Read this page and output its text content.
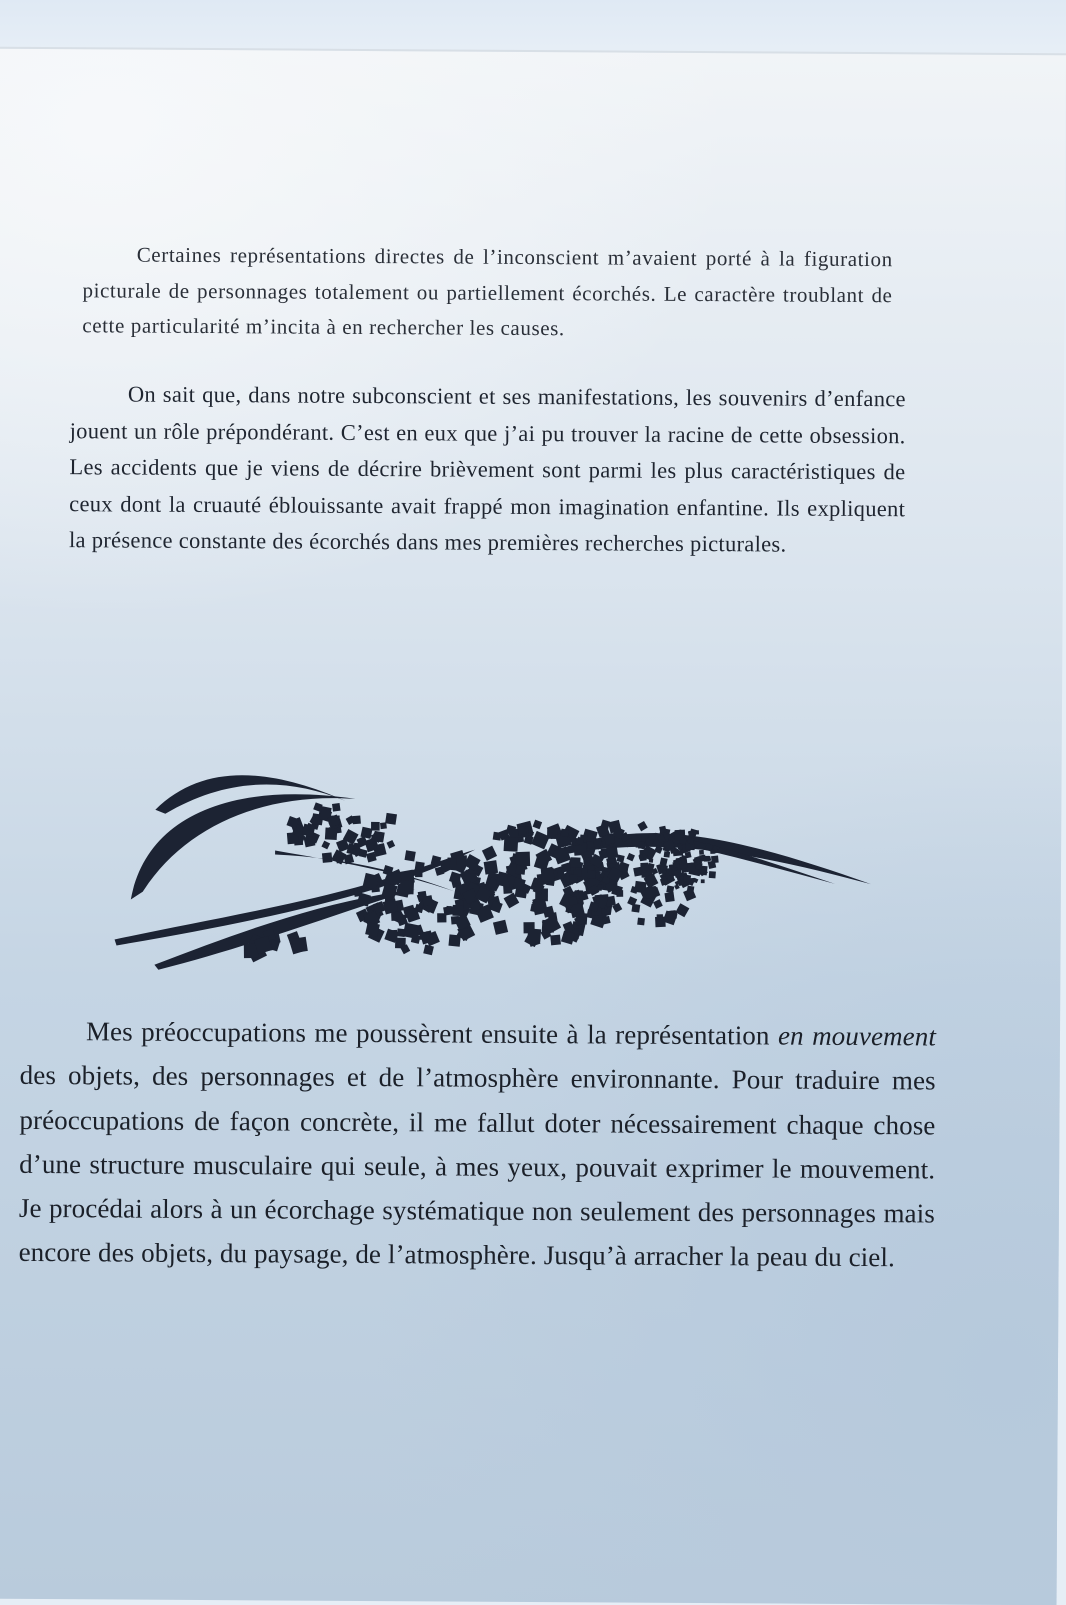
Certaines représentations directes de l’inconscient m’avaient porté à la figuration picturale de personnages totalement ou partiellement écorchés. Le caractère troublant de cette particularité m’incita à en rechercher les causes.

On sait que, dans notre subconscient et ses manifestations, les souvenirs d’enfance jouent un rôle prépondérant. C’est en eux que j’ai pu trouver la racine de cette obsession. Les accidents que je viens de décrire brièvement sont parmi les plus caractéristiques de ceux dont la cruauté éblouissante avait frappé mon imagination enfantine. Ils expliquent la présence constante des écorchés dans mes premières recherches picturales.

Mes préoccupations me poussèrent ensuite à la représentation en mouvement des objets, des personnages et de l’atmosphère environnante. Pour traduire mes préoccupations de façon concrète, il me fallut doter nécessairement chaque chose d’une structure musculaire qui seule, à mes yeux, pouvait exprimer le mouvement. Je procédai alors à un écorchage systématique non seulement des personnages mais encore des objets, du paysage, de l’atmosphère. Jusqu’à arracher la peau du ciel.
